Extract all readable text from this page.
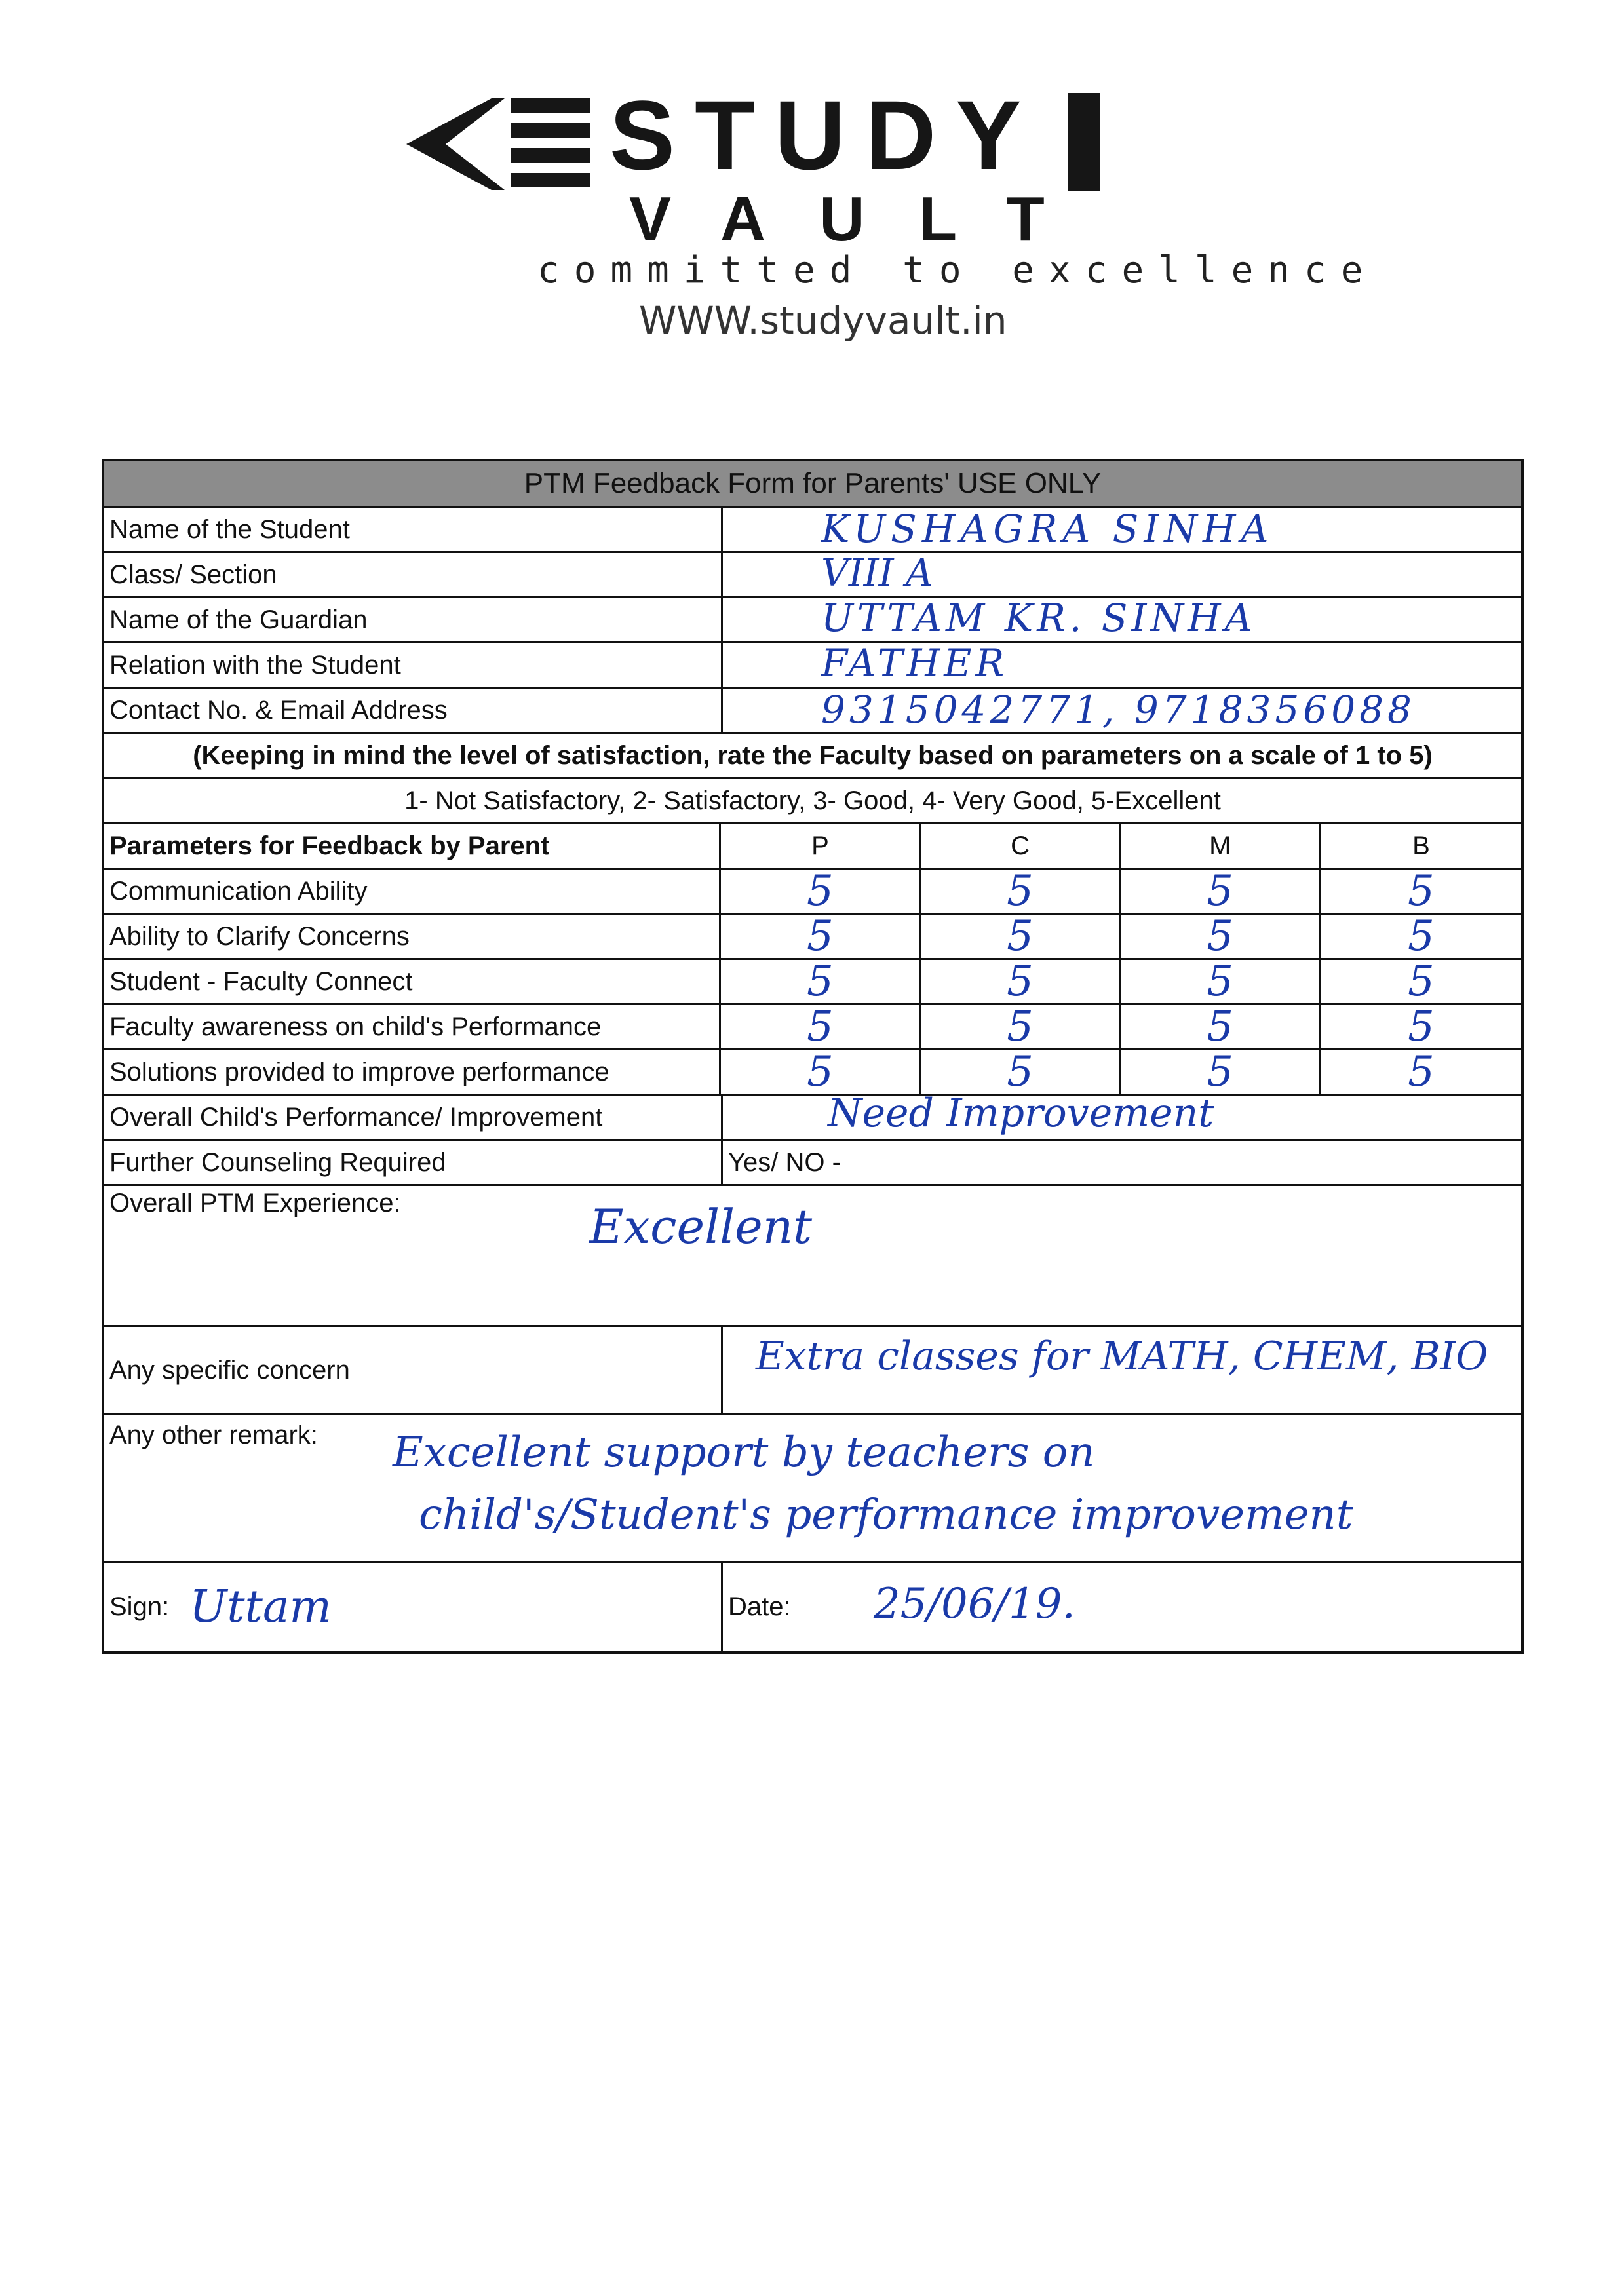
STUDY
VAULT
committed to excellence
WWW.studyvault.in
PTM Feedback Form for Parents' USE ONLY
Name of the Student	KUSHAGRA SINHA
Class/ Section	VIII A
Name of the Guardian	UTTAM KR. SINHA
Relation with the Student	FATHER
Contact No. & Email Address	9315042771, 9718356088
(Keeping in mind the level of satisfaction, rate the Faculty based on parameters on a scale of 1 to 5)
1- Not Satisfactory, 2- Satisfactory, 3- Good, 4- Very Good, 5-Excellent
Parameters for Feedback by Parent	P	C	M	B
Communication Ability	5	5	5	5
Ability to Clarify Concerns	5	5	5	5
Student - Faculty Connect	5	5	5	5
Faculty awareness on child's Performance	5	5	5	5
Solutions provided to improve performance	5	5	5	5
Overall Child's Performance/ Improvement	Need Improvement
Further Counseling Required	Yes/ NO -
Overall PTM Experience:	Excellent
Any specific concern	Extra classes for MATH, CHEM, BIO
Any other remark: Excellent support by teachers on
child's/Student's performance improvement
Sign: Uttam	Date: 25/06/19.
